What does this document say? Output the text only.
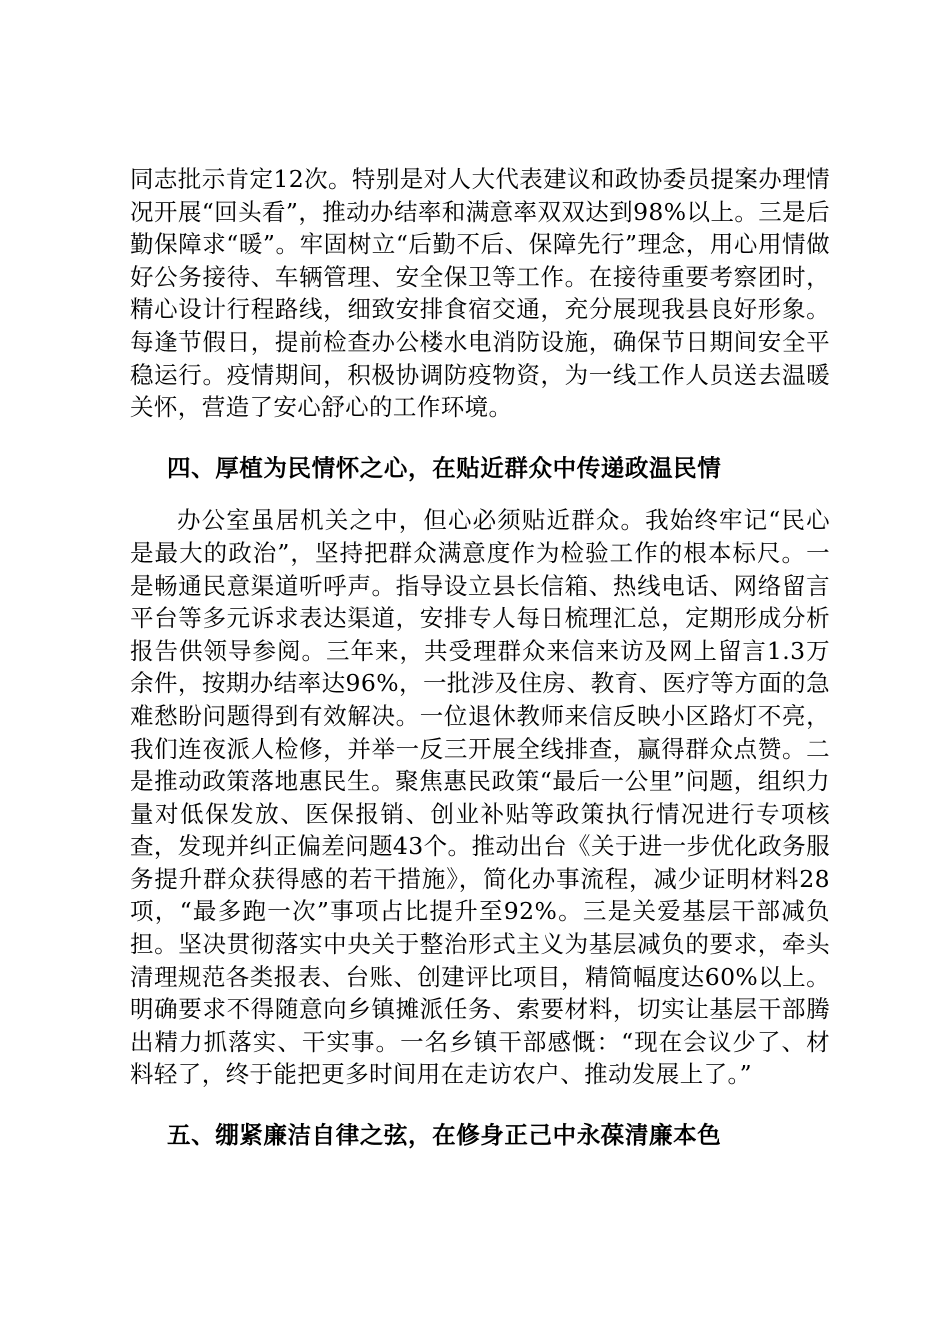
同志批示肯定12次。特别是对人大代表建议和政协委员提案办理情况开展“回头看”，推动办结率和满意率双双达到98%以上。三是后勤保障求“暖”。牢固树立“后勤不后、保障先行”理念，用心用情做好公务接待、车辆管理、安全保卫等工作。在接待重要考察团时，精心设计行程路线，细致安排食宿交通，充分展现我县良好形象。每逢节假日，提前检查办公楼水电消防设施，确保节日期间安全平稳运行。疫情期间，积极协调防疫物资，为一线工作人员送去温暖关怀，营造了安心舒心的工作环境。

四、厚植为民情怀之心，在贴近群众中传递政温民情

办公室虽居机关之中，但心必须贴近群众。我始终牢记“民心是最大的政治”，坚持把群众满意度作为检验工作的根本标尺。一是畅通民意渠道听呼声。指导设立县长信箱、热线电话、网络留言平台等多元诉求表达渠道，安排专人每日梳理汇总，定期形成分析报告供领导参阅。三年来，共受理群众来信来访及网上留言1.3万余件，按期办结率达96%，一批涉及住房、教育、医疗等方面的急难愁盼问题得到有效解决。一位退休教师来信反映小区路灯不亮，我们连夜派人检修，并举一反三开展全线排查，赢得群众点赞。二是推动政策落地惠民生。聚焦惠民政策“最后一公里”问题，组织力量对低保发放、医保报销、创业补贴等政策执行情况进行专项核查，发现并纠正偏差问题43个。推动出台《关于进一步优化政务服务提升群众获得感的若干措施》，简化办事流程，减少证明材料28项，“最多跑一次”事项占比提升至92%。三是关爱基层干部减负担。坚决贯彻落实中央关于整治形式主义为基层减负的要求，牵头清理规范各类报表、台账、创建评比项目，精简幅度达60%以上。明确要求不得随意向乡镇摊派任务、索要材料，切实让基层干部腾出精力抓落实、干实事。一名乡镇干部感慨：“现在会议少了、材料轻了，终于能把更多时间用在走访农户、推动发展上了。”

五、绷紧廉洁自律之弦，在修身正己中永葆清廉本色
